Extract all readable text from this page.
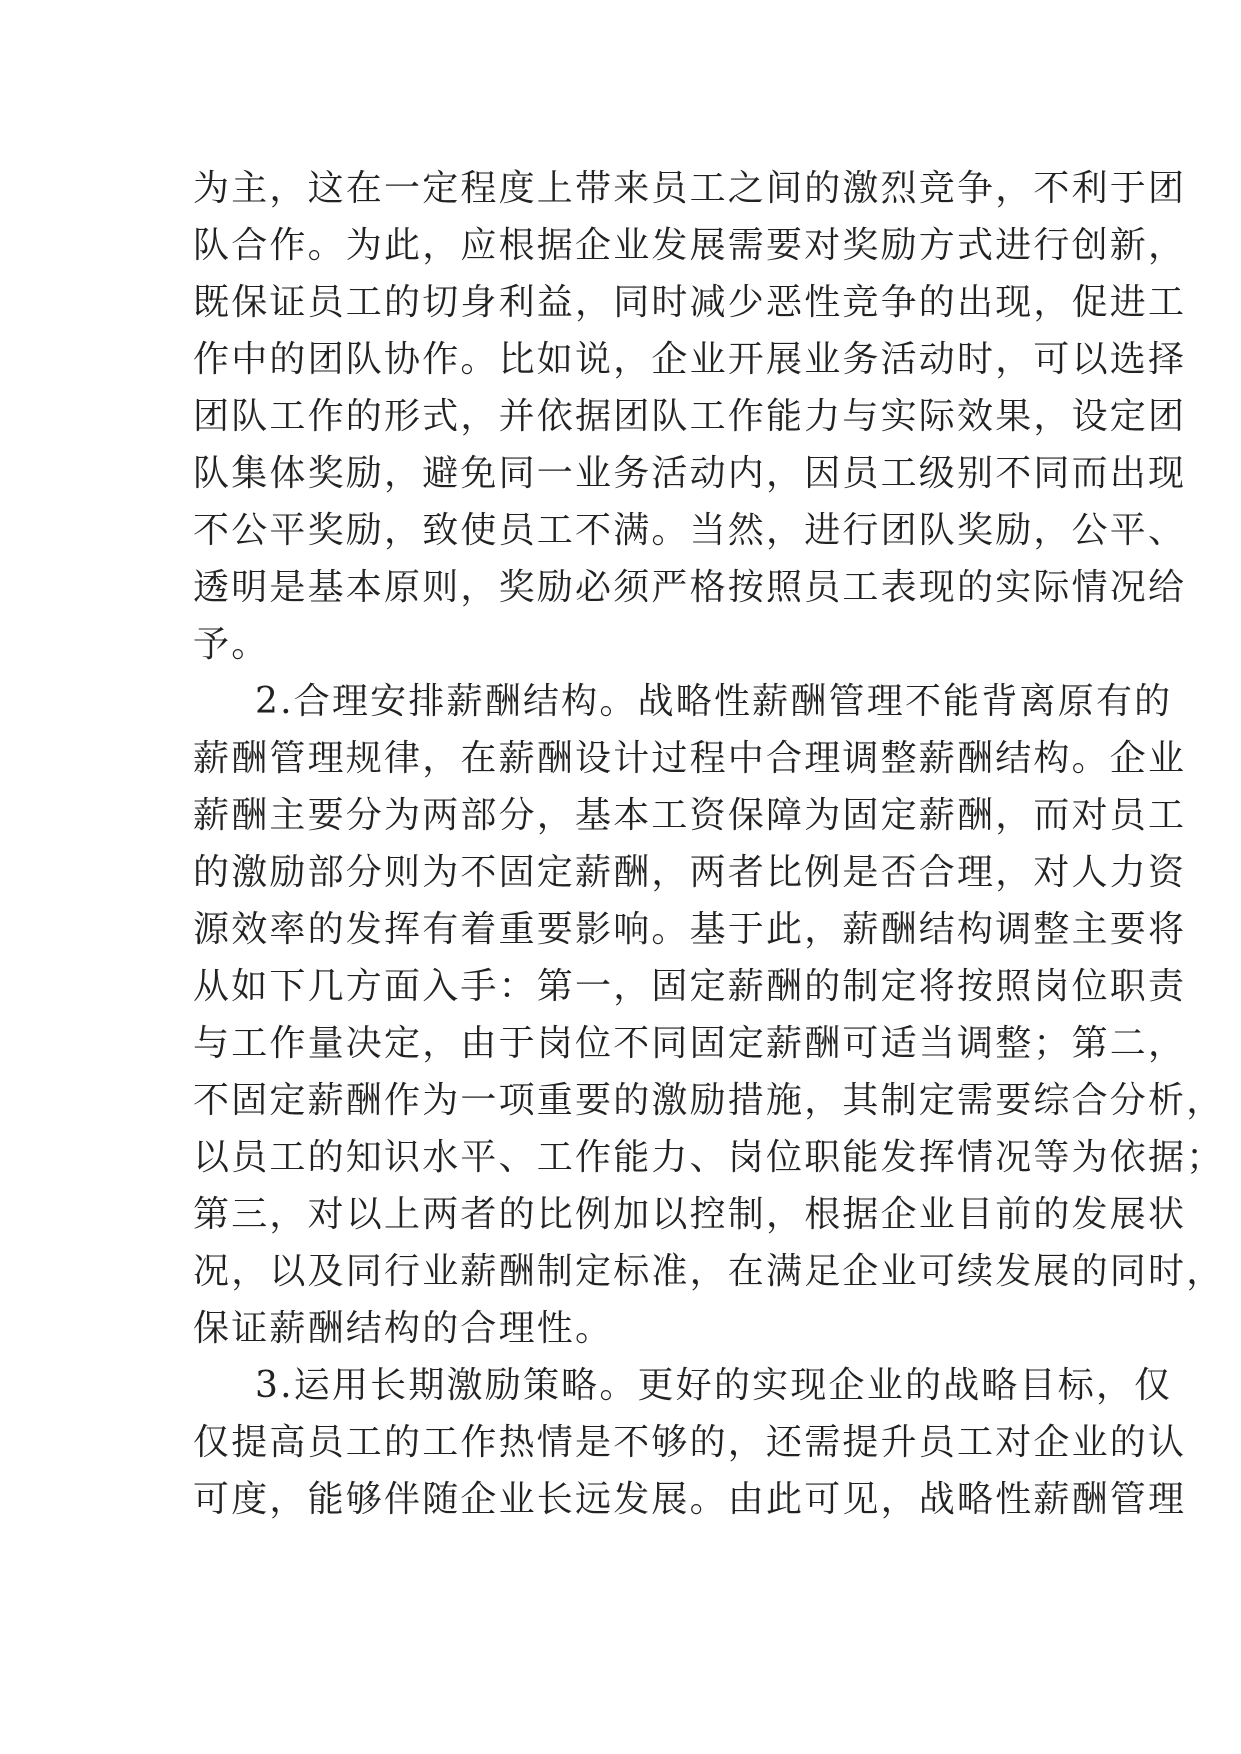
为主，这在一定程度上带来员工之间的激烈竞争，不利于团
队合作。为此，应根据企业发展需要对奖励方式进行创新，
既保证员工的切身利益，同时减少恶性竞争的出现，促进工
作中的团队协作。比如说，企业开展业务活动时，可以选择
团队工作的形式，并依据团队工作能力与实际效果，设定团
队集体奖励，避免同一业务活动内，因员工级别不同而出现
不公平奖励，致使员工不满。当然，进行团队奖励，公平、
透明是基本原则，奖励必须严格按照员工表现的实际情况给
予。
2.合理安排薪酬结构。战略性薪酬管理不能背离原有的
薪酬管理规律，在薪酬设计过程中合理调整薪酬结构。企业
薪酬主要分为两部分，基本工资保障为固定薪酬，而对员工
的激励部分则为不固定薪酬，两者比例是否合理，对人力资
源效率的发挥有着重要影响。基于此，薪酬结构调整主要将
从如下几方面入手：第一，固定薪酬的制定将按照岗位职责
与工作量决定，由于岗位不同固定薪酬可适当调整；第二，
不固定薪酬作为一项重要的激励措施，其制定需要综合分析，
以员工的知识水平、工作能力、岗位职能发挥情况等为依据；
第三，对以上两者的比例加以控制，根据企业目前的发展状
况，以及同行业薪酬制定标准，在满足企业可续发展的同时，
保证薪酬结构的合理性。
3.运用长期激励策略。更好的实现企业的战略目标，仅
仅提高员工的工作热情是不够的，还需提升员工对企业的认
可度，能够伴随企业长远发展。由此可见，战略性薪酬管理
